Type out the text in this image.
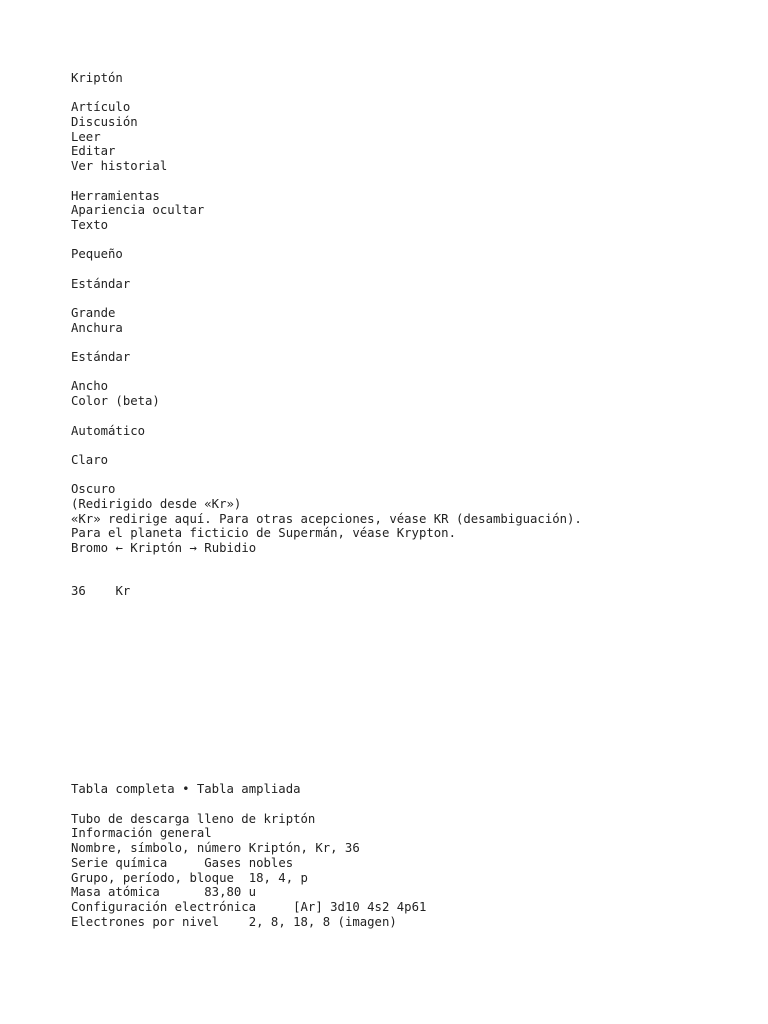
Kriptón
Artículo
Discusión
Leer
Editar
Ver historial
Herramientas
Apariencia ocultar
Texto
Pequeño
Estándar
Grande
Anchura
Estándar
Ancho
Color (beta)
Automático
Claro
Oscuro
(Redirigido desde «Kr»)
«Kr» redirige aquí. Para otras acepciones, véase KR (desambiguación).
Para el planeta ficticio de Supermán, véase Krypton.
Bromo ← Kriptón → Rubidio
36 Kr
Tabla completa • Tabla ampliada
Tubo de descarga lleno de kriptón
Información general
Nombre, símbolo, número Kriptón, Kr, 36
Serie química	Gases nobles
Grupo, período, bloque 18, 4, p
Masa atómica	83,80 u
Configuración electrónica	[Ar] 3d10 4s2 4p61
Electrones por nivel 2, 8, 18, 8 (imagen)
